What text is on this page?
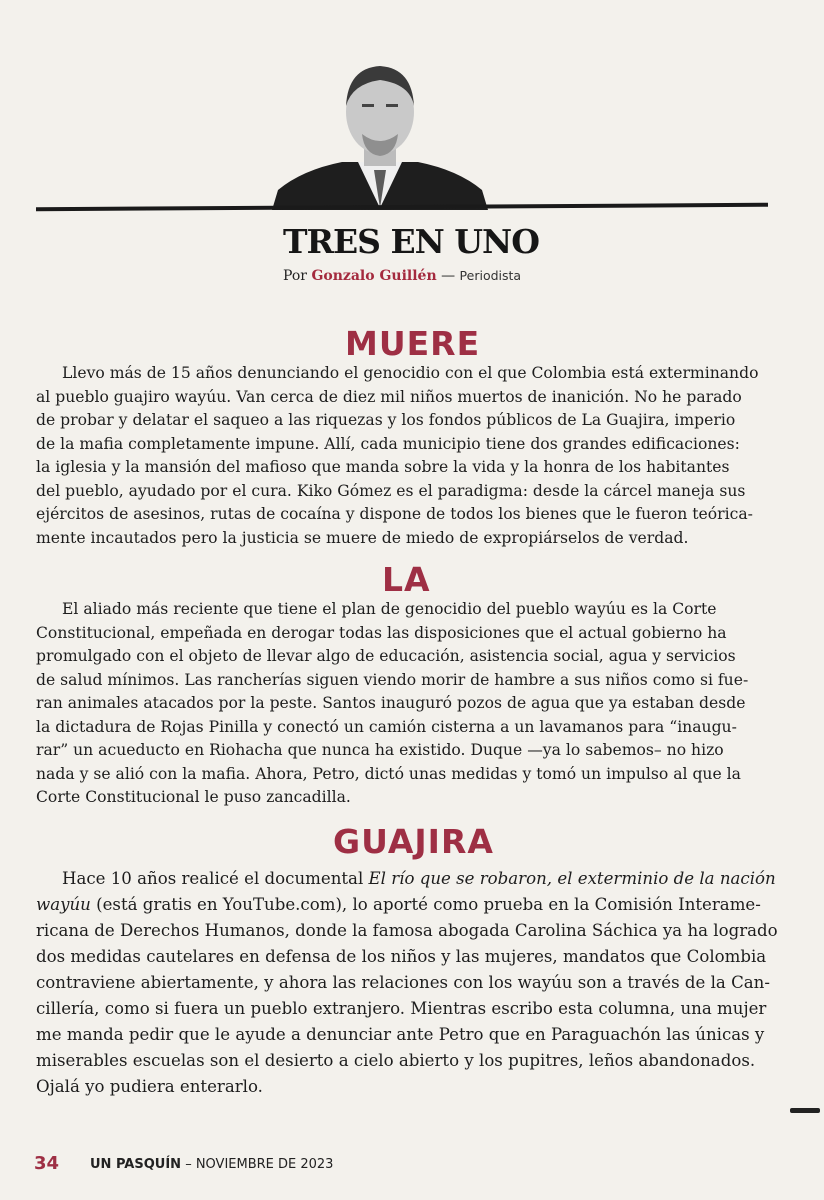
TRES EN UNO
Por Gonzalo Guillén — Periodista
MUERE
Llevo más de 15 años denunciando el genocidio con el que Colombia está exterminando
al pueblo guajiro wayúu. Van cerca de diez mil niños muertos de inanición. No he parado
de probar y delatar el saqueo a las riquezas y los fondos públicos de La Guajira, imperio
de la mafia completamente impune. Allí, cada municipio tiene dos grandes edificaciones:
la iglesia y la mansión del mafioso que manda sobre la vida y la honra de los habitantes
del pueblo, ayudado por el cura. Kiko Gómez es el paradigma: desde la cárcel maneja sus
ejércitos de asesinos, rutas de cocaína y dispone de todos los bienes que le fueron teórica-
mente incautados pero la justicia se muere de miedo de expropiárselos de verdad.
LA
El aliado más reciente que tiene el plan de genocidio del pueblo wayúu es la Corte
Constitucional, empeñada en derogar todas las disposiciones que el actual gobierno ha
promulgado con el objeto de llevar algo de educación, asistencia social, agua y servicios
de salud mínimos. Las rancherías siguen viendo morir de hambre a sus niños como si fue-
ran animales atacados por la peste. Santos inauguró pozos de agua que ya estaban desde
la dictadura de Rojas Pinilla y conectó un camión cisterna a un lavamanos para “inaugu-
rar” un acueducto en Riohacha que nunca ha existido. Duque —ya lo sabemos– no hizo
nada y se alió con la mafia. Ahora, Petro, dictó unas medidas y tomó un impulso al que la
Corte Constitucional le puso zancadilla.
GUAJIRA
Hace 10 años realicé el documental El río que se robaron, el exterminio de la nación
wayúu (está gratis en YouTube.com), lo aporté como prueba en la Comisión Interame-
ricana de Derechos Humanos, donde la famosa abogada Carolina Sáchica ya ha logrado
dos medidas cautelares en defensa de los niños y las mujeres, mandatos que Colombia
contraviene abiertamente, y ahora las relaciones con los wayúu son a través de la Can-
cillería, como si fuera un pueblo extranjero. Mientras escribo esta columna, una mujer
me manda pedir que le ayude a denunciar ante Petro que en Paraguachón las únicas y
miserables escuelas son el desierto a cielo abierto y los pupitres, leños abandonados.
Ojalá yo pudiera enterarlo.
34 UN PASQUÍN – NOVIEMBRE DE 2023
